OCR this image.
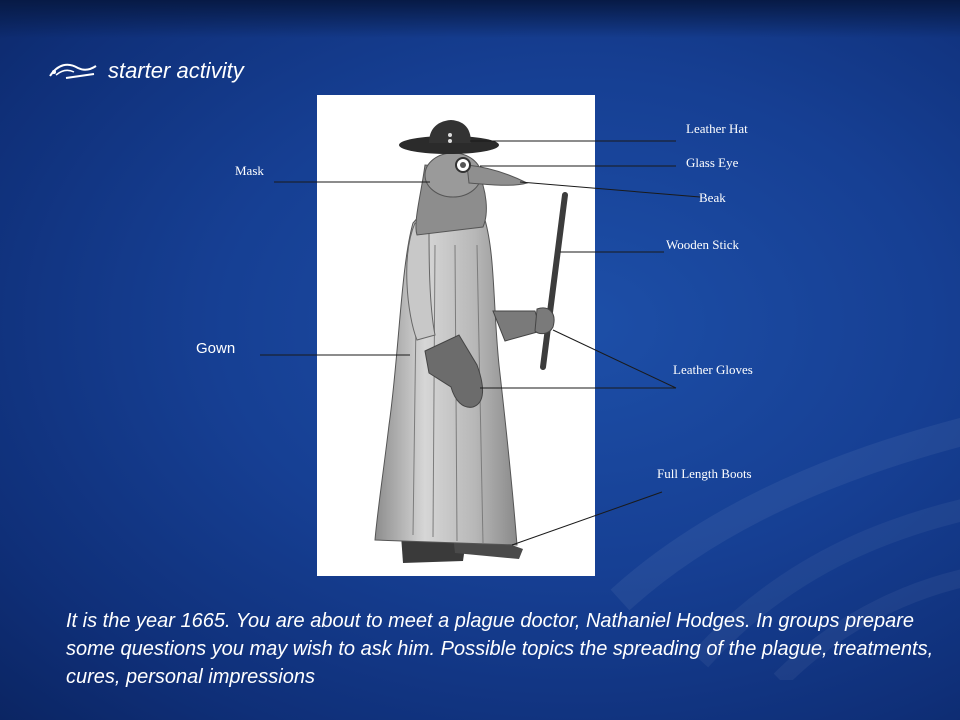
starter activity
Leather Hat
Glass Eye
Beak
Mask
Wooden Stick
Gown
Leather Gloves
Full Length Boots

It is the year 1665. You are about to meet a plague doctor, Nathaniel Hodges. In groups prepare some questions you may wish to ask him. Possible topics the spreading of the plague, treatments, cures, personal impressions
